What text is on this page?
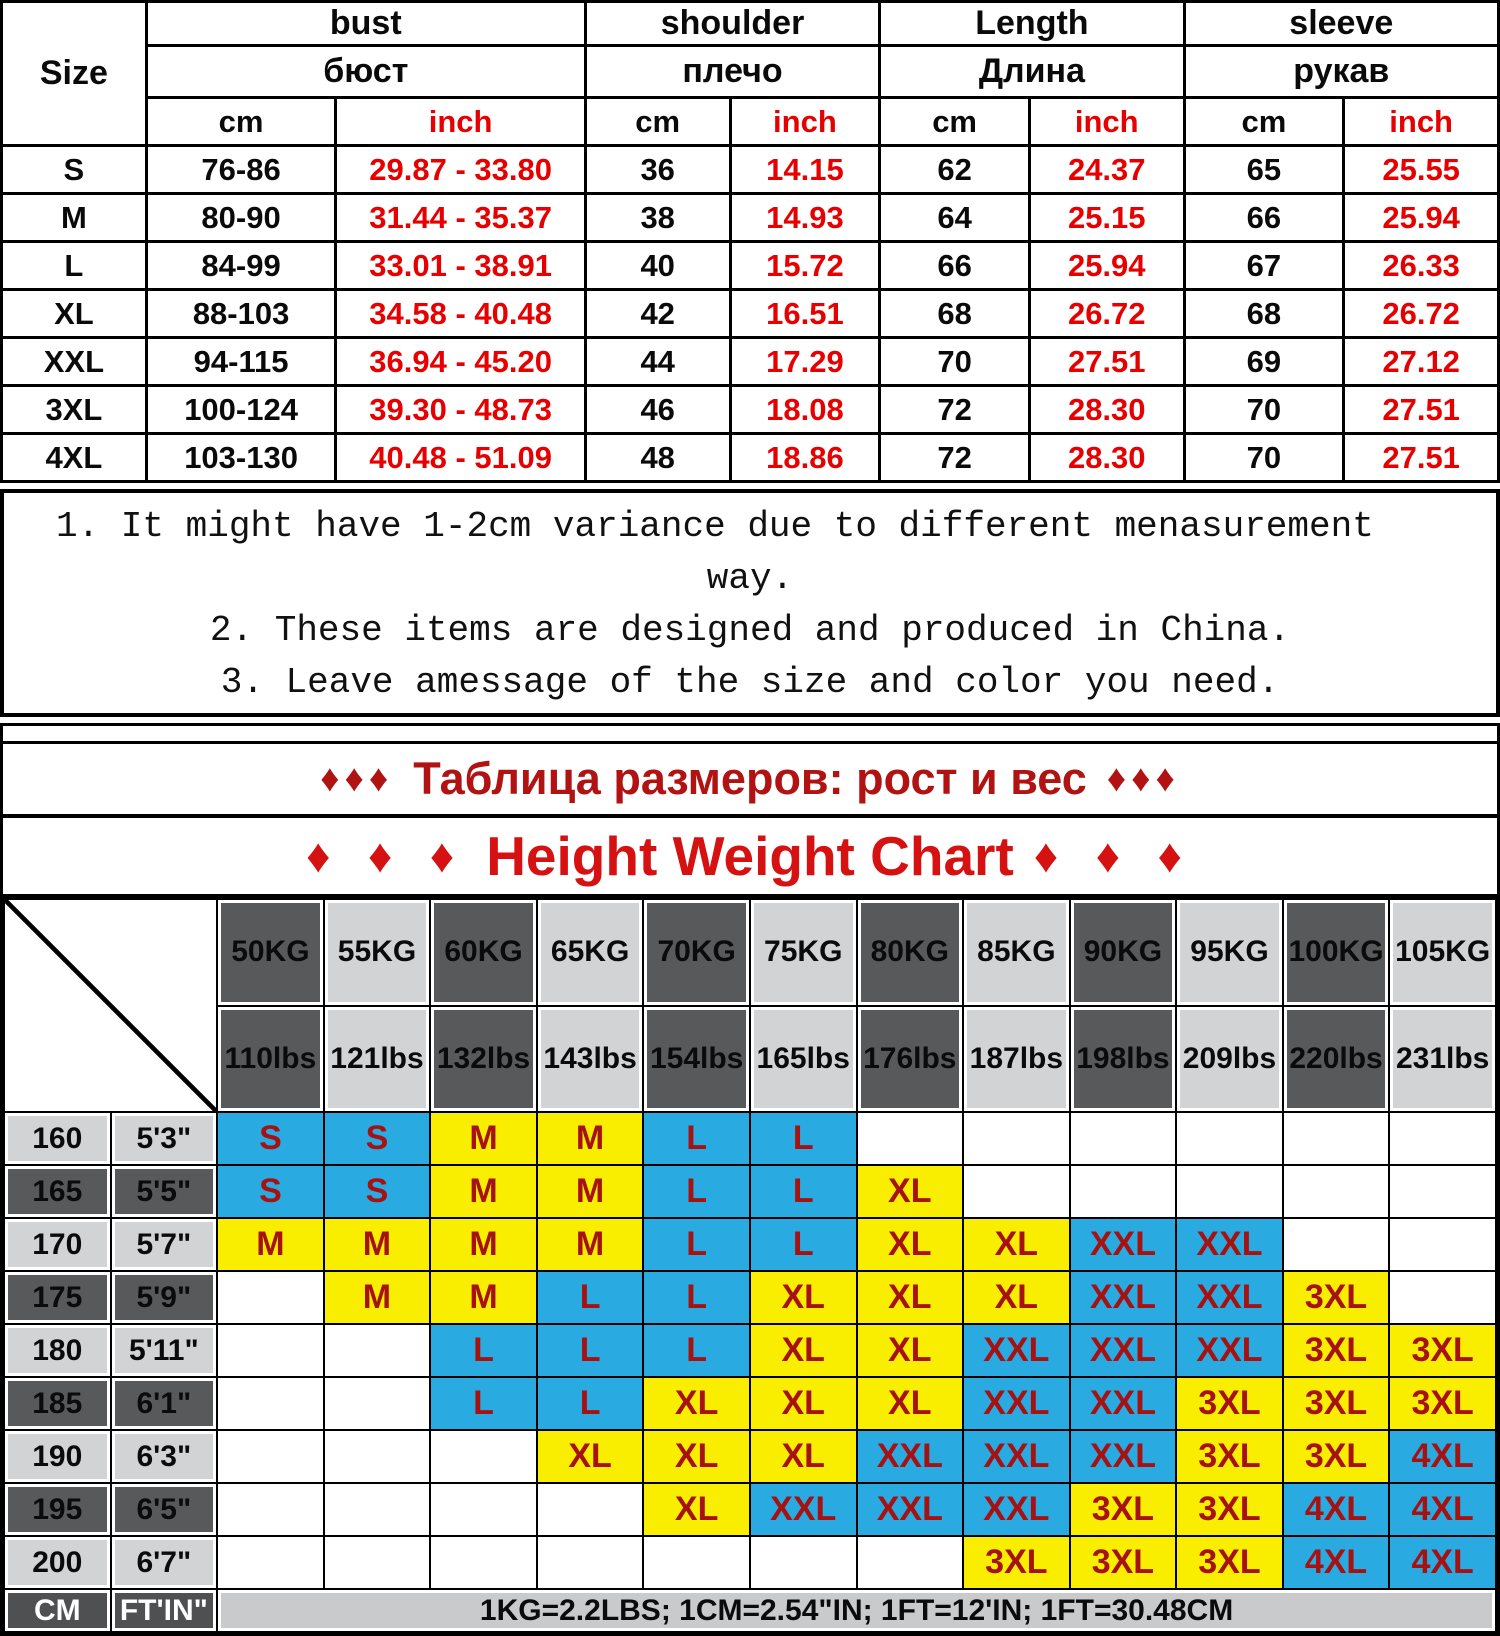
Size	bust		shoulder		Length		sleeve	
	бюст		плечо		Длина		рукав	
	cm	inch	cm	inch	cm	inch	cm	inch
S	76-86	29.87 - 33.80	36	14.15	62	24.37	65	25.55
M	80-90	31.44 - 35.37	38	14.93	64	25.15	66	25.94
L	84-99	33.01 - 38.91	40	15.72	66	25.94	67	26.33
XL	88-103	34.58 - 40.48	42	16.51	68	26.72	68	26.72
XXL	94-115	36.94 - 45.20	44	17.29	70	27.51	69	27.12
3XL	100-124	39.30 - 48.73	46	18.08	72	28.30	70	27.51
4XL	103-130	40.48 - 51.09	48	18.86	72	28.30	70	27.51
1. It might have 1-2cm variance due to different menasurement
way.
2. These items are designed and produced in China.
3. Leave amessage of the size and color you need.
♦♦♦ Таблица размеров: рост и вес ♦♦♦
♦ ♦ ♦ Height Weight Chart ♦ ♦ ♦
	50KG	55KG	60KG	65KG	70KG	75KG	80KG	85KG	90KG	95KG	100KG	105KG
		110lbs	121lbs	132lbs	143lbs	154lbs	165lbs	176lbs	187lbs	198lbs	209lbs	220lbs	231lbs
160	5'3"	S	S	M	M	L	L						
165	5'5"	S	S	M	M	L	L	XL					
170	5'7"	M	M	M	M	L	L	XL	XL	XXL	XXL		
175	5'9"		M	M	L	L	XL	XL	XL	XXL	XXL	3XL	
180	5'11"			L	L	L	XL	XL	XXL	XXL	XXL	3XL	3XL
185	6'1"			L	L	XL	XL	XL	XXL	XXL	3XL	3XL	3XL
190	6'3"				XL	XL	XL	XXL	XXL	XXL	3XL	3XL	4XL
195	6'5"					XL	XXL	XXL	XXL	3XL	3XL	4XL	4XL
200	6'7"								3XL	3XL	3XL	4XL	4XL
CM	FT'IN"	1KG=2.2LBS; 1CM=2.54"IN; 1FT=12'IN; 1FT=30.48CM											
